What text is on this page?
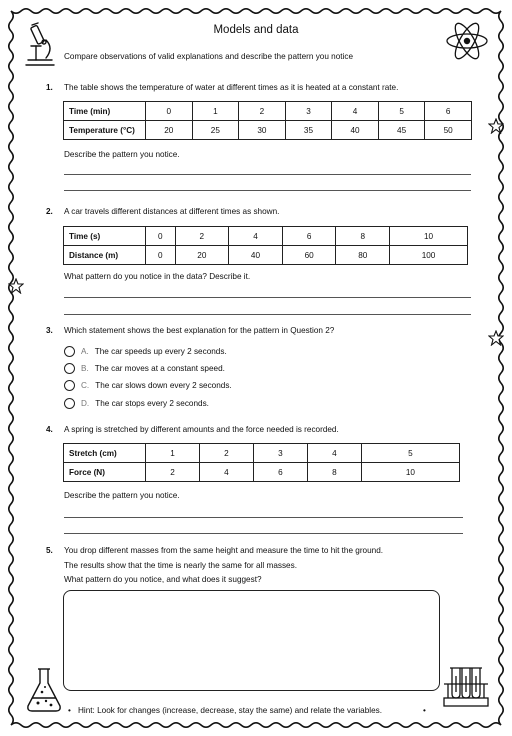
Models and data
Compare observations of valid explanations and describe the pattern you notice
1. The table shows the temperature of water at different times as it is heated at a constant rate.
Time (min)	0	1	2	3	4	5	6
Temperature (°C)	20	25	30	35	40	45	50
Describe the pattern you notice.
2. A car travels different distances at different times as shown.
Time (s)	0	2	4	6	8	10
Distance (m)	0	20	40	60	80	100
What pattern do you notice in the data? Describe it.
3. Which statement shows the best explanation for the pattern in Question 2?
A. The car speeds up every 2 seconds.
B. The car moves at a constant speed.
C. The car slows down every 2 seconds.
D. The car stops every 2 seconds.
4. A spring is stretched by different amounts and the force needed is recorded.
Stretch (cm)	1	2	3	4	5
Force (N)	2	4	6	8	10
Describe the pattern you notice.
5. You drop different masses from the same height and measure the time to hit the ground.
The results show that the time is nearly the same for all masses.
What pattern do you notice, and what does it suggest?
• Hint: Look for changes (increase, decrease, stay the same) and relate the variables.	•
